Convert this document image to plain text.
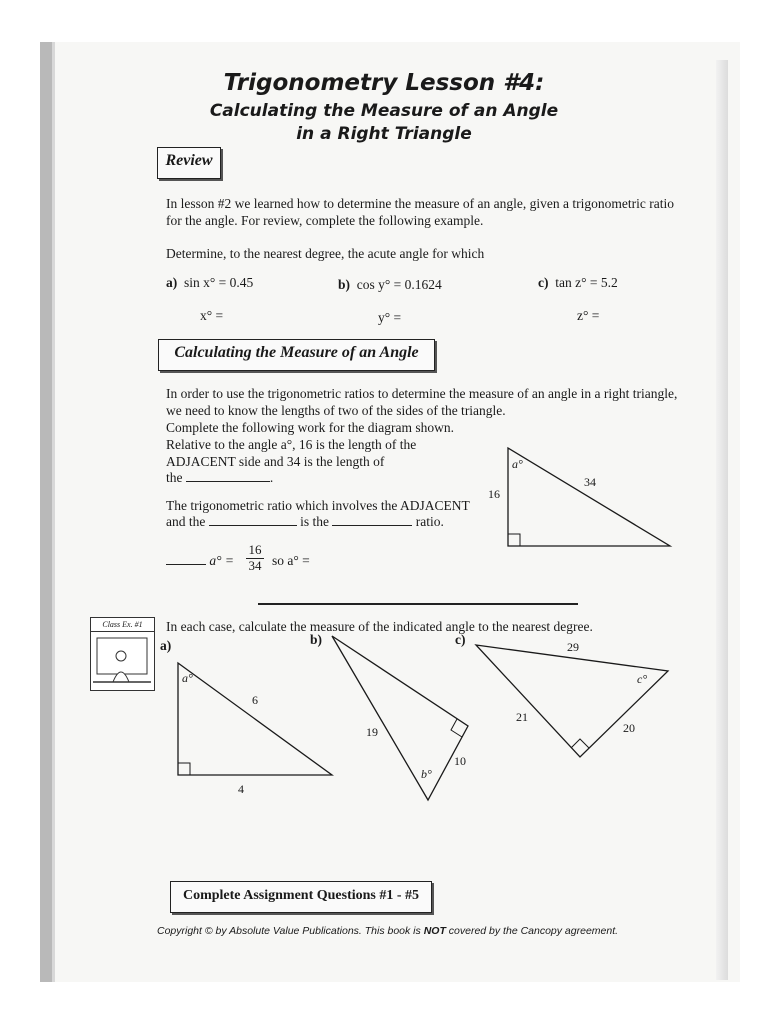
Trigonometry Lesson #4:
Calculating the Measure of an Angle
in a Right Triangle
Review
In lesson #2 we learned how to determine the measure of an angle, given a trigonometric ratio
for the angle. For review, complete the following example.
Determine, to the nearest degree, the acute angle for which
a) sin x° = 0.45	b) cos y° = 0.1624	c) tan z° = 5.2
x° =	y° =	z° =
Calculating the Measure of an Angle
In order to use the trigonometric ratios to determine the measure of an angle in a right triangle,
we need to know the lengths of two of the sides of the triangle.
Complete the following work for the diagram shown.
Relative to the angle a°, 16 is the length of the
ADJACENT side and 34 is the length of
the	.
The trigonometric ratio which involves the ADJACENT
and the	is the	ratio.
$a^\circ = \frac{16}{34}$ so a° =
a°
16
34
Class Ex. #1	In each case, calculate the measure of the indicated angle to the nearest degree.
a)
a°
6
4
b)
19
10
b°
c)	29
21
20
c°
Complete Assignment Questions #1 - #5
Copyright © by Absolute Value Publications. This book is NOT covered by the Cancopy agreement.
